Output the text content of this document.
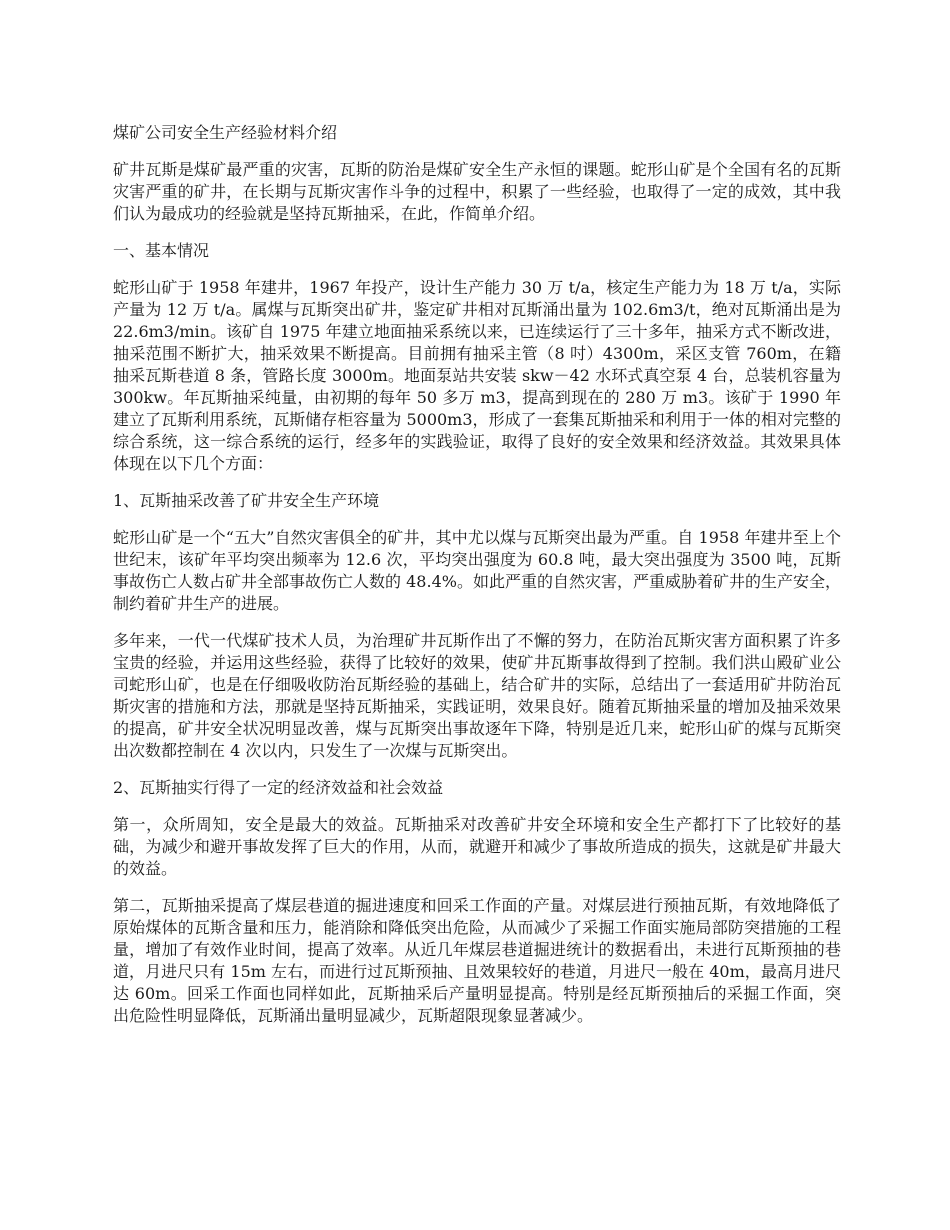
煤矿公司安全生产经验材料介绍

矿井瓦斯是煤矿最严重的灾害，瓦斯的防治是煤矿安全生产永恒的课题。蛇形山矿是个全国有名的瓦斯灾害严重的矿井，在长期与瓦斯灾害作斗争的过程中，积累了一些经验，也取得了一定的成效，其中我们认为最成功的经验就是坚持瓦斯抽采，在此，作简单介绍。

一、基本情况

蛇形山矿于 1958 年建井，1967 年投产，设计生产能力 30 万 t/a，核定生产能力为 18 万 t/a，实际产量为 12 万 t/a。属煤与瓦斯突出矿井，鉴定矿井相对瓦斯涌出量为 102.6m3/t，绝对瓦斯涌出是为 22.6m3/min。该矿自 1975 年建立地面抽采系统以来，已连续运行了三十多年，抽采方式不断改进，抽采范围不断扩大，抽采效果不断提高。目前拥有抽采主管（8 吋）4300m，采区支管 760m，在籍抽采瓦斯巷道 8 条，管路长度 3000m。地面泵站共安装 skw－42 水环式真空泵 4 台，总装机容量为 300kw。年瓦斯抽采纯量，由初期的每年 50 多万 m3，提高到现在的 280 万 m3。该矿于 1990 年建立了瓦斯利用系统，瓦斯储存柜容量为 5000m3，形成了一套集瓦斯抽采和利用于一体的相对完整的综合系统，这一综合系统的运行，经多年的实践验证，取得了良好的安全效果和经济效益。其效果具体体现在以下几个方面：

1、瓦斯抽采改善了矿井安全生产环境

蛇形山矿是一个“五大”自然灾害俱全的矿井，其中尤以煤与瓦斯突出最为严重。自 1958 年建井至上个世纪末，该矿年平均突出频率为 12.6 次，平均突出强度为 60.8 吨，最大突出强度为 3500 吨，瓦斯事故伤亡人数占矿井全部事故伤亡人数的 48.4%。如此严重的自然灾害，严重威胁着矿井的生产安全，制约着矿井生产的进展。

多年来，一代一代煤矿技术人员，为治理矿井瓦斯作出了不懈的努力，在防治瓦斯灾害方面积累了许多宝贵的经验，并运用这些经验，获得了比较好的效果，使矿井瓦斯事故得到了控制。我们洪山殿矿业公司蛇形山矿，也是在仔细吸收防治瓦斯经验的基础上，结合矿井的实际，总结出了一套适用矿井防治瓦斯灾害的措施和方法，那就是坚持瓦斯抽采，实践证明，效果良好。随着瓦斯抽采量的增加及抽采效果的提高，矿井安全状况明显改善，煤与瓦斯突出事故逐年下降，特别是近几来，蛇形山矿的煤与瓦斯突出次数都控制在 4 次以内，只发生了一次煤与瓦斯突出。

2、瓦斯抽实行得了一定的经济效益和社会效益

第一，众所周知，安全是最大的效益。瓦斯抽采对改善矿井安全环境和安全生产都打下了比较好的基础，为减少和避开事故发挥了巨大的作用，从而，就避开和减少了事故所造成的损失，这就是矿井最大的效益。

第二，瓦斯抽采提高了煤层巷道的掘进速度和回采工作面的产量。对煤层进行预抽瓦斯，有效地降低了原始煤体的瓦斯含量和压力，能消除和降低突出危险，从而减少了采掘工作面实施局部防突措施的工程量，增加了有效作业时间，提高了效率。从近几年煤层巷道掘进统计的数据看出，未进行瓦斯预抽的巷道，月进尺只有 15m 左右，而进行过瓦斯预抽、且效果较好的巷道，月进尺一般在 40m，最高月进尺达 60m。回采工作面也同样如此，瓦斯抽采后产量明显提高。特别是经瓦斯预抽后的采掘工作面，突出危险性明显降低，瓦斯涌出量明显减少，瓦斯超限现象显著减少。
